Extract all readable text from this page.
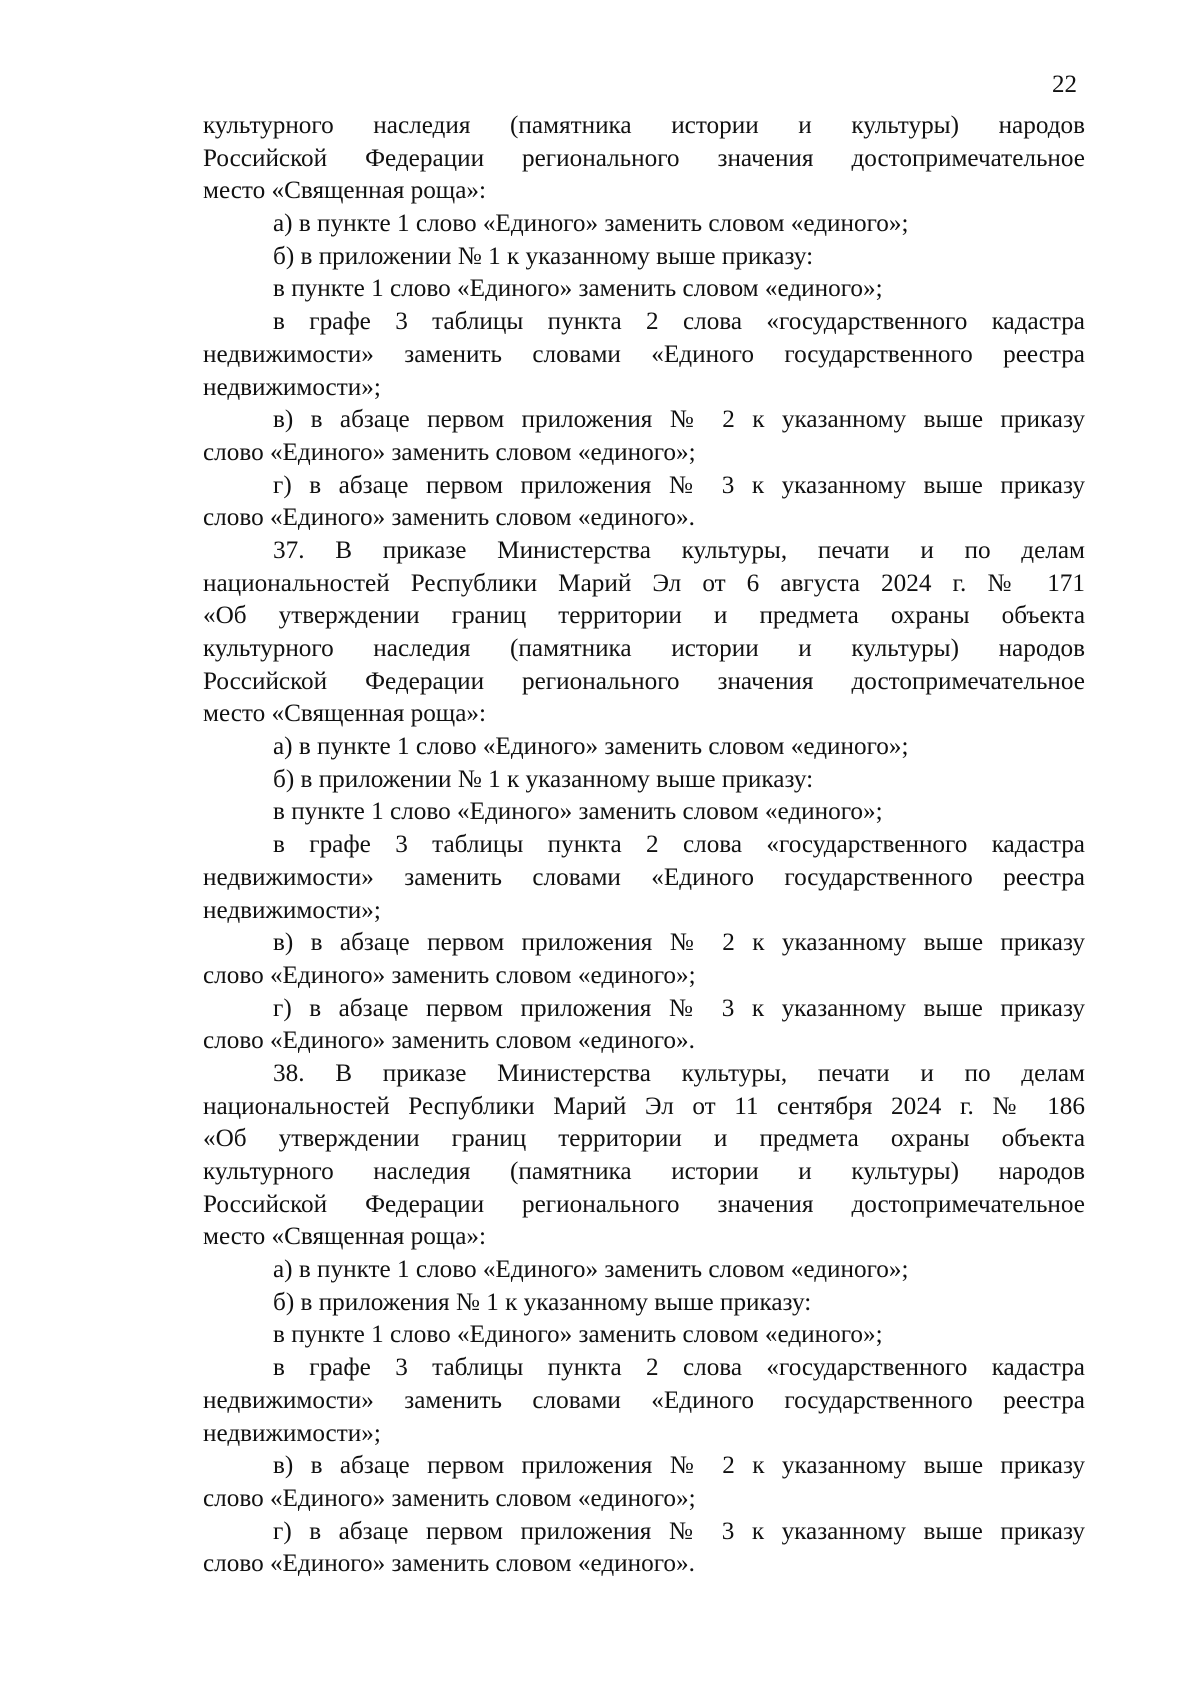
22
культурного наследия (памятника истории и культуры) народов
Российской Федерации регионального значения достопримечательное
место «Священная роща»:
а) в пункте 1 слово «Единого» заменить словом «единого»;
б) в приложении № 1 к указанному выше приказу:
в пункте 1 слово «Единого» заменить словом «единого»;
в графе 3 таблицы пункта 2 слова «государственного кадастра
недвижимости» заменить словами «Единого государственного реестра
недвижимости»;
в) в абзаце первом приложения № 2 к указанному выше приказу
слово «Единого» заменить словом «единого»;
г) в абзаце первом приложения № 3 к указанному выше приказу
слово «Единого» заменить словом «единого».
37. В приказе Министерства культуры, печати и по делам
национальностей Республики Марий Эл от 6 августа 2024 г. № 171
«Об утверждении границ территории и предмета охраны объекта
культурного наследия (памятника истории и культуры) народов
Российской Федерации регионального значения достопримечательное
место «Священная роща»:
а) в пункте 1 слово «Единого» заменить словом «единого»;
б) в приложении № 1 к указанному выше приказу:
в пункте 1 слово «Единого» заменить словом «единого»;
в графе 3 таблицы пункта 2 слова «государственного кадастра
недвижимости» заменить словами «Единого государственного реестра
недвижимости»;
в) в абзаце первом приложения № 2 к указанному выше приказу
слово «Единого» заменить словом «единого»;
г) в абзаце первом приложения № 3 к указанному выше приказу
слово «Единого» заменить словом «единого».
38. В приказе Министерства культуры, печати и по делам
национальностей Республики Марий Эл от 11 сентября 2024 г. № 186
«Об утверждении границ территории и предмета охраны объекта
культурного наследия (памятника истории и культуры) народов
Российской Федерации регионального значения достопримечательное
место «Священная роща»:
а) в пункте 1 слово «Единого» заменить словом «единого»;
б) в приложения № 1 к указанному выше приказу:
в пункте 1 слово «Единого» заменить словом «единого»;
в графе 3 таблицы пункта 2 слова «государственного кадастра
недвижимости» заменить словами «Единого государственного реестра
недвижимости»;
в) в абзаце первом приложения № 2 к указанному выше приказу
слово «Единого» заменить словом «единого»;
г) в абзаце первом приложения № 3 к указанному выше приказу
слово «Единого» заменить словом «единого».
